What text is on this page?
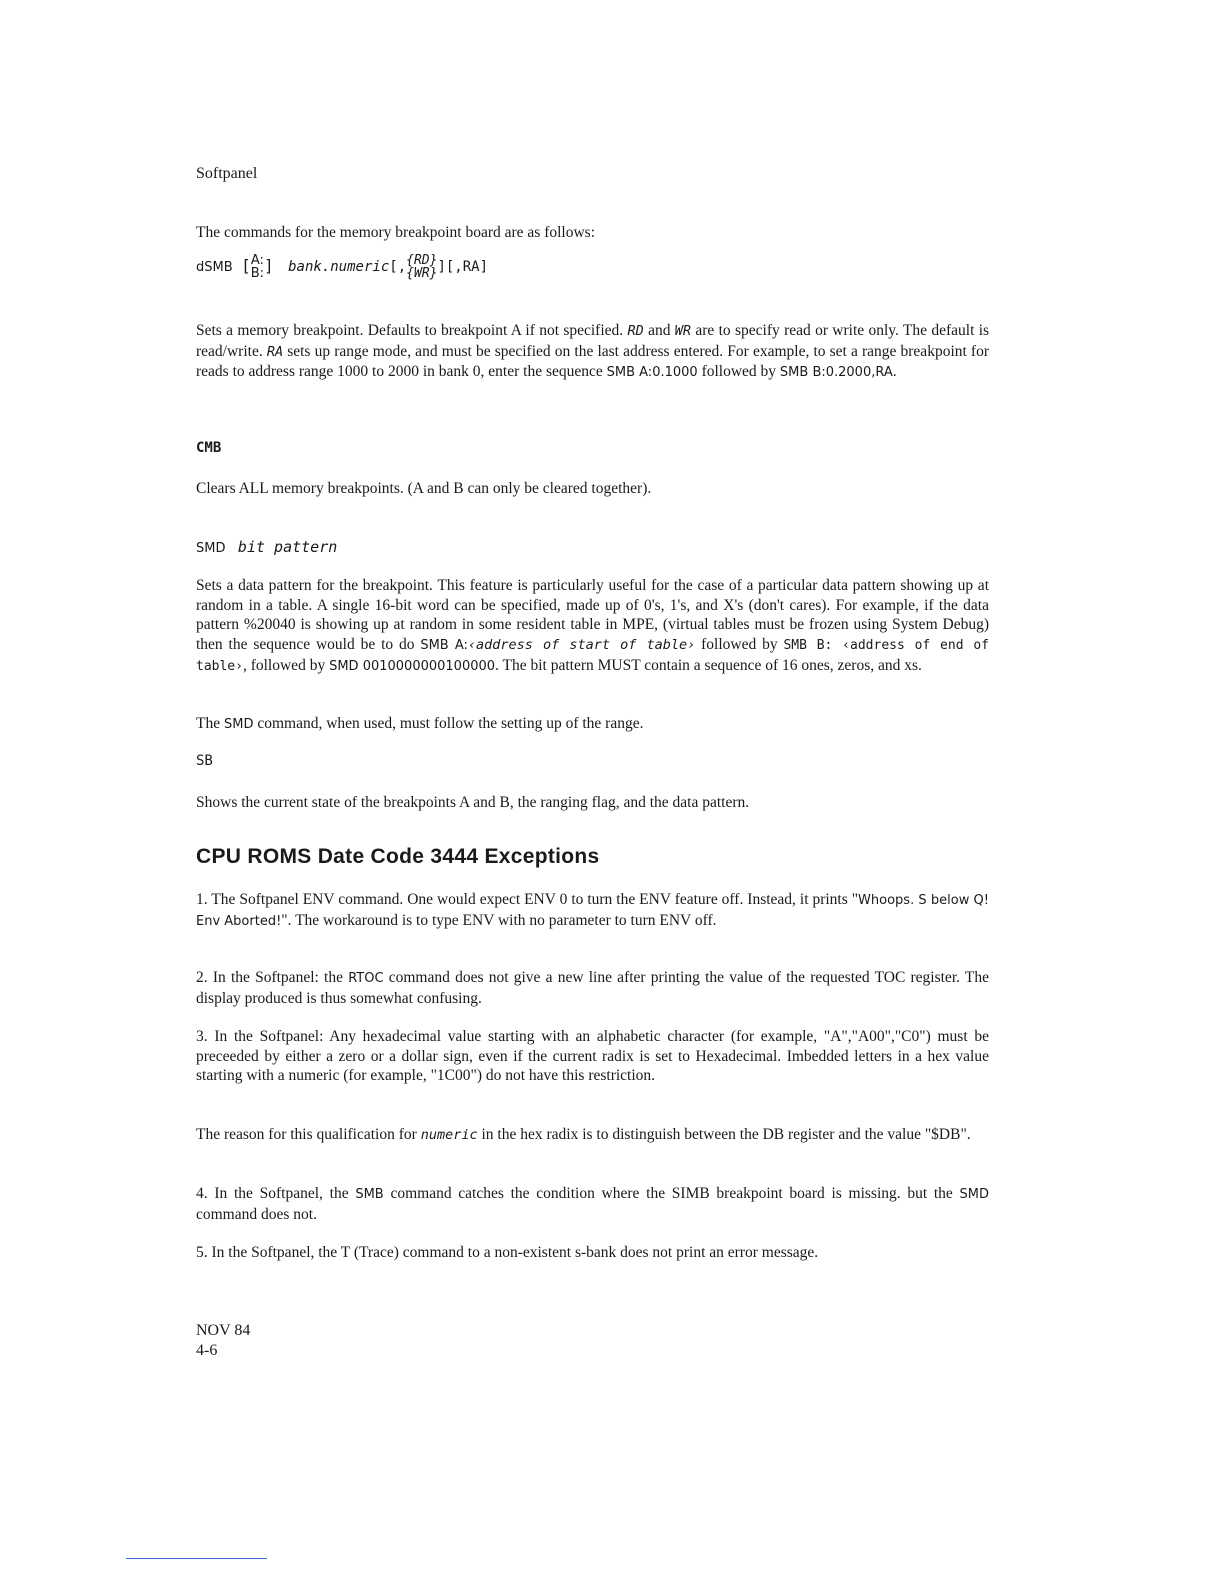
Softpanel
The commands for the memory breakpoint board are as follows:
dSMB [ A:
B: ] bank.numeric[, {RD}
{WR} ][,RA]
Sets a memory breakpoint. Defaults to breakpoint A if not specified. RD and WR are to specify read or write only. The default is read/write. RA sets up range mode, and must be specified on the last address entered. For example, to set a range breakpoint for reads to address range 1000 to 2000 in bank 0, enter the sequence SMB A:0.1000 followed by SMB B:0.2000,RA.
CMB
Clears ALL memory breakpoints. (A and B can only be cleared together).
SMD bit pattern
Sets a data pattern for the breakpoint. This feature is particularly useful for the case of a particular data pattern showing up at random in a table. A single 16-bit word can be specified, made up of 0's, 1's, and X's (don't cares). For example, if the data pattern %20040 is showing up at random in some resident table in MPE, (virtual tables must be frozen using System Debug) then the sequence would be to do SMB A:‹address of start of table› followed by SMB B: ‹address of end of table›, followed by SMD 0010000000100000. The bit pattern MUST contain a sequence of 16 ones, zeros, and xs.
The SMD command, when used, must follow the setting up of the range.
SB
Shows the current state of the breakpoints A and B, the ranging flag, and the data pattern.
CPU ROMS Date Code 3444 Exceptions
1. The Softpanel ENV command. One would expect ENV 0 to turn the ENV feature off. Instead, it prints "Whoops. S below Q! Env Aborted!". The workaround is to type ENV with no parameter to turn ENV off.
2. In the Softpanel: the RTOC command does not give a new line after printing the value of the requested TOC register. The display produced is thus somewhat confusing.
3. In the Softpanel: Any hexadecimal value starting with an alphabetic character (for example, "A","A00","C0") must be preceeded by either a zero or a dollar sign, even if the current radix is set to Hexadecimal. Imbedded letters in a hex value starting with a numeric (for example, "1C00") do not have this restriction.
The reason for this qualification for numeric in the hex radix is to distinguish between the DB register and the value "$DB".
4. In the Softpanel, the SMB command catches the condition where the SIMB breakpoint board is missing. but the SMD command does not.
5. In the Softpanel, the T (Trace) command to a non-existent s-bank does not print an error message.
NOV 84
4-6
